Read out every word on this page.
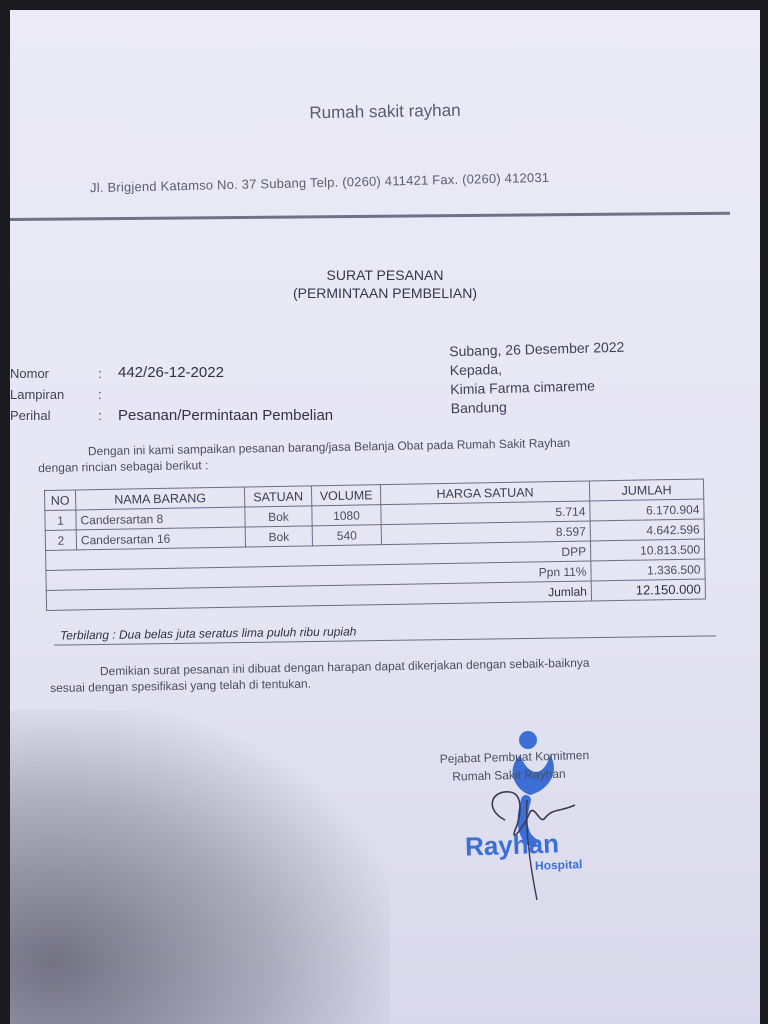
Rumah sakit rayhan
Jl. Brigjend Katamso No. 37 Subang Telp. (0260) 411421 Fax. (0260) 412031
SURAT PESANAN
(PERMINTAAN PEMBELIAN)
Nomor	: 442/26-12-2022
Lampiran	:
Perihal	: Pesanan/Permintaan Pembelian
Subang, 26 Desember 2022
Kepada,
Kimia Farma cimareme
Bandung
Dengan ini kami sampaikan pesanan barang/jasa Belanja Obat pada Rumah Sakit Rayhan
dengan rincian sebagai berikut :
NO	NAMA BARANG	SATUAN	VOLUME	HARGA SATUAN	JUMLAH
1	Candersartan 8	Bok	1080	5.714	6.170.904
2	Candersartan 16	Bok	540	8.597	4.642.596
DPP					10.813.500
Ppn 11%					1.336.500
Jumlah					12.150.000
Terbilang : Dua belas juta seratus lima puluh ribu rupiah
Demikian surat pesanan ini dibuat dengan harapan dapat dikerjakan dengan sebaik-baiknya
sesuai dengan spesifikasi yang telah di tentukan.
Pejabat Pembuat Komitmen
Rumah Sakit Rayhan
Rayhan
Hospital
